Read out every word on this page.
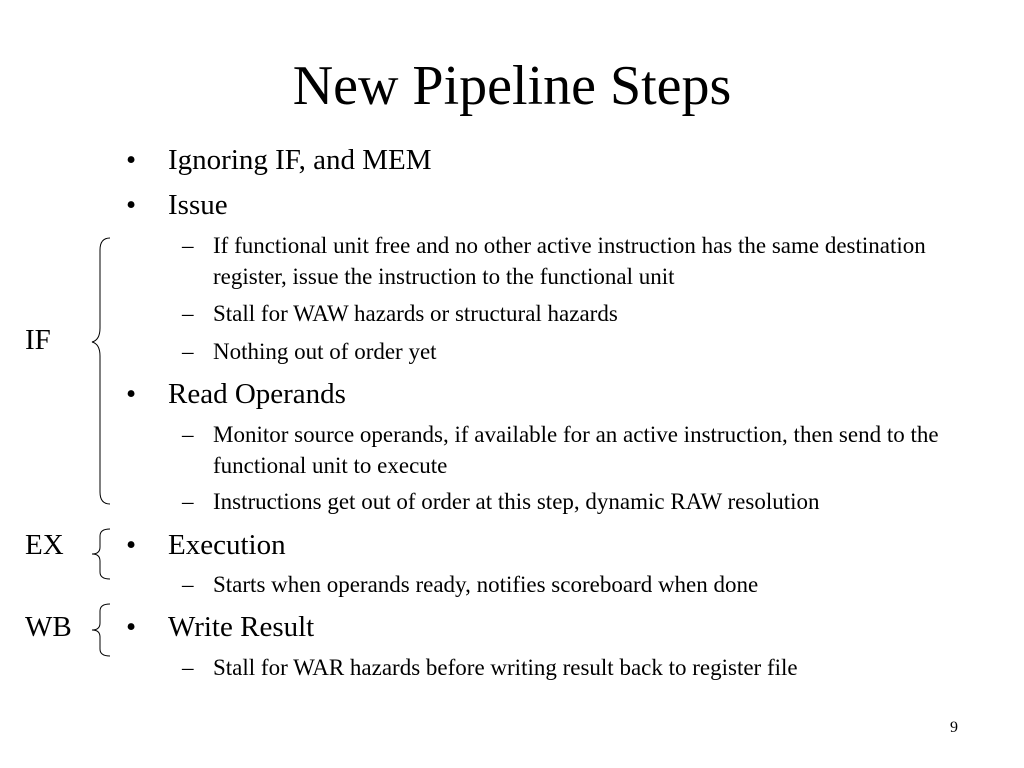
New Pipeline Steps
• Ignoring IF, and MEM
• Issue
– If functional unit free and no other active instruction has the same destination register, issue the instruction to the functional unit
– Stall for WAW hazards or structural hazards
– Nothing out of order yet
• Read Operands
– Monitor source operands, if available for an active instruction, then send to the functional unit to execute
– Instructions get out of order at this step, dynamic RAW resolution
• Execution
– Starts when operands ready, notifies scoreboard when done
• Write Result
– Stall for WAR hazards before writing result back to register file
IF
EX
WB
9
